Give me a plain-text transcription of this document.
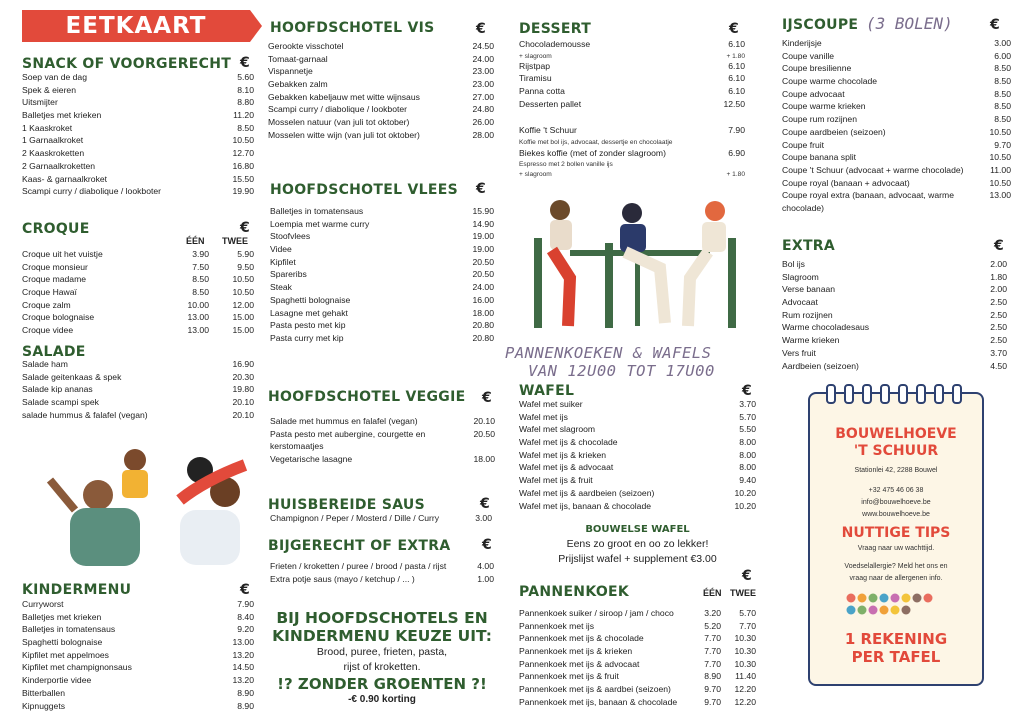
EETKAART
SNACK OF VOORGERECHT €
Soep van de dag	5.60
Spek & eieren	8.10
Uitsmijter	8.80
Balletjes met krieken	11.20
1 Kaaskroket	8.50
1 Garnaalkroket	10.50
2 Kaaskroketten	12.70
2 Garnaalkroketten	16.80
Kaas- & garnaalkroket	15.50
Scampi curry / diabolique / lookboter	19.90
CROQUE	€
ÉÉN TWEE
Croque uit het vuistje	3.90	5.90
Croque monsieur	7.50	9.50
Croque madame	8.50	10.50
Croque Hawaï	8.50	10.50
Croque zalm	10.00	12.00
Croque bolognaise	13.00	15.00
Croque videe	13.00	15.00
SALADE
Salade ham	16.90
Salade geitenkaas & spek	20.30
Salade kip ananas	19.80
Salade scampi spek	20.10
salade hummus & falafel (vegan)	20.10
KINDERMENU	€
Curryworst	7.90
Balletjes met krieken	8.40
Balletjes in tomatensaus	9.20
Spaghetti bolognaise	13.00
Kipfilet met appelmoes	13.20
Kipfilet met champignonsaus	14.50
Kinderportie videe	13.20
Bitterballen	8.90
Kipnuggets	8.90
HOOFDSCHOTEL VIS	€
Gerookte visschotel	24.50
Tomaat-garnaal	24.00
Vispannetje	23.00
Gebakken zalm	23.00
Gebakken kabeljauw met witte wijnsaus	27.00
Scampi curry / diabolique / lookboter	24.80
Mosselen natuur (van juli tot oktober)	26.00
Mosselen witte wijn (van juli tot oktober)	28.00
HOOFDSCHOTEL VLEES €
Balletjes in tomatensaus	15.90
Loempia met warme curry	14.90
Stoofvlees	19.00
Videe	19.00
Kipfilet	20.50
Spareribs	20.50
Steak	24.00
Spaghetti bolognaise	16.00
Lasagne met gehakt	18.00
Pasta pesto met kip	20.80
Pasta curry met kip	20.80
HOOFDSCHOTEL VEGGIE €
Salade met hummus en falafel (vegan)	20.10
Pasta pesto met aubergine, courgette en	20.50
kerstomaatjes
Vegetarische lasagne	18.00
HUISBEREIDE SAUS	€
Champignon / Peper / Mosterd / Dille / Curry	3.00
BIJGERECHT OF EXTRA €
Frieten / kroketten / puree / brood / pasta / rijst	4.00
Extra potje saus (mayo / ketchup / ... )	1.00
BIJ HOOFDSCHOTELS EN
KINDERMENU KEUZE UIT:
Brood, puree, frieten, pasta,
rijst of kroketten.
!? ZONDER GROENTEN ?!
-€ 0.90 korting
DESSERT	€
Chocolademousse	6.10
+ slagroom	+ 1.80
Rijstpap	6.10
Tiramisu	6.10
Panna cotta	6.10
Desserten pallet	12.50
Koffie 't Schuur	7.90
Koffie met bol ijs, advocaat, dessertje en chocolaatje
Biekes koffie (met of zonder slagroom)	6.90
Espresso met 2 bollen vanille ijs
+ slagroom	+ 1.80
PANNENKOEKEN & WAFELS
VAN 12U00 TOT 17U00
WAFEL	€
Wafel met suiker	3.70
Wafel met ijs	5.70
Wafel met slagroom	5.50
Wafel met ijs & chocolade	8.00
Wafel met ijs & krieken	8.00
Wafel met ijs & advocaat	8.00
Wafel met ijs & fruit	9.40
Wafel met ijs & aardbeien (seizoen)	10.20
Wafel met ijs, banaan & chocolade	10.20
BOUWELSE WAFEL
Eens zo groot en oo zo lekker!
Prijslijst wafel + supplement €3.00
€
PANNENKOEK	ÉÉN TWEE
Pannenkoek suiker / siroop / jam / choco	3.20 5.70
Pannenkoek met ijs	5.20 7.70
Pannenkoek met ijs & chocolade	7.70 10.30
Pannenkoek met ijs & krieken	7.70 10.30
Pannenkoek met ijs & advocaat	7.70 10.30
Pannenkoek met ijs & fruit	8.90 11.40
Pannenkoek met ijs & aardbei (seizoen)	9.70 12.20
Pannenkoek met ijs, banaan & chocolade	9.70 12.20
IJSCOUPE (3 BOLEN)	€
Kinderijsje	3.00
Coupe vanille	6.00
Coupe bresilienne	8.50
Coupe warme chocolade	8.50
Coupe advocaat	8.50
Coupe warme krieken	8.50
Coupe rum rozijnen	8.50
Coupe aardbeien (seizoen)	10.50
Coupe fruit	9.70
Coupe banana split	10.50
Coupe 't Schuur (advocaat + warme chocolade)	11.00
Coupe royal (banaan + advocaat)	10.50
Coupe royal extra (banaan, advocaat, warme	13.00
chocolade)
EXTRA	€
Bol ijs	2.00
Slagroom	1.80
Verse banaan	2.00
Advocaat	2.50
Rum rozijnen	2.50
Warme chocoladesaus	2.50
Warme krieken	2.50
Vers fruit	3.70
Aardbeien (seizoen)	4.50
BOUWELHOEVE
'T SCHUUR
Stationlei 42, 2288 Bouwel
+32 475 46 06 38
info@bouwelhoeve.be
www.bouwelhoeve.be
NUTTIGE TIPS
Vraag naar uw wachttijd.
Voedselallergie? Meld het ons en
vraag naar de allergenen info.
1 REKENING
PER TAFEL
